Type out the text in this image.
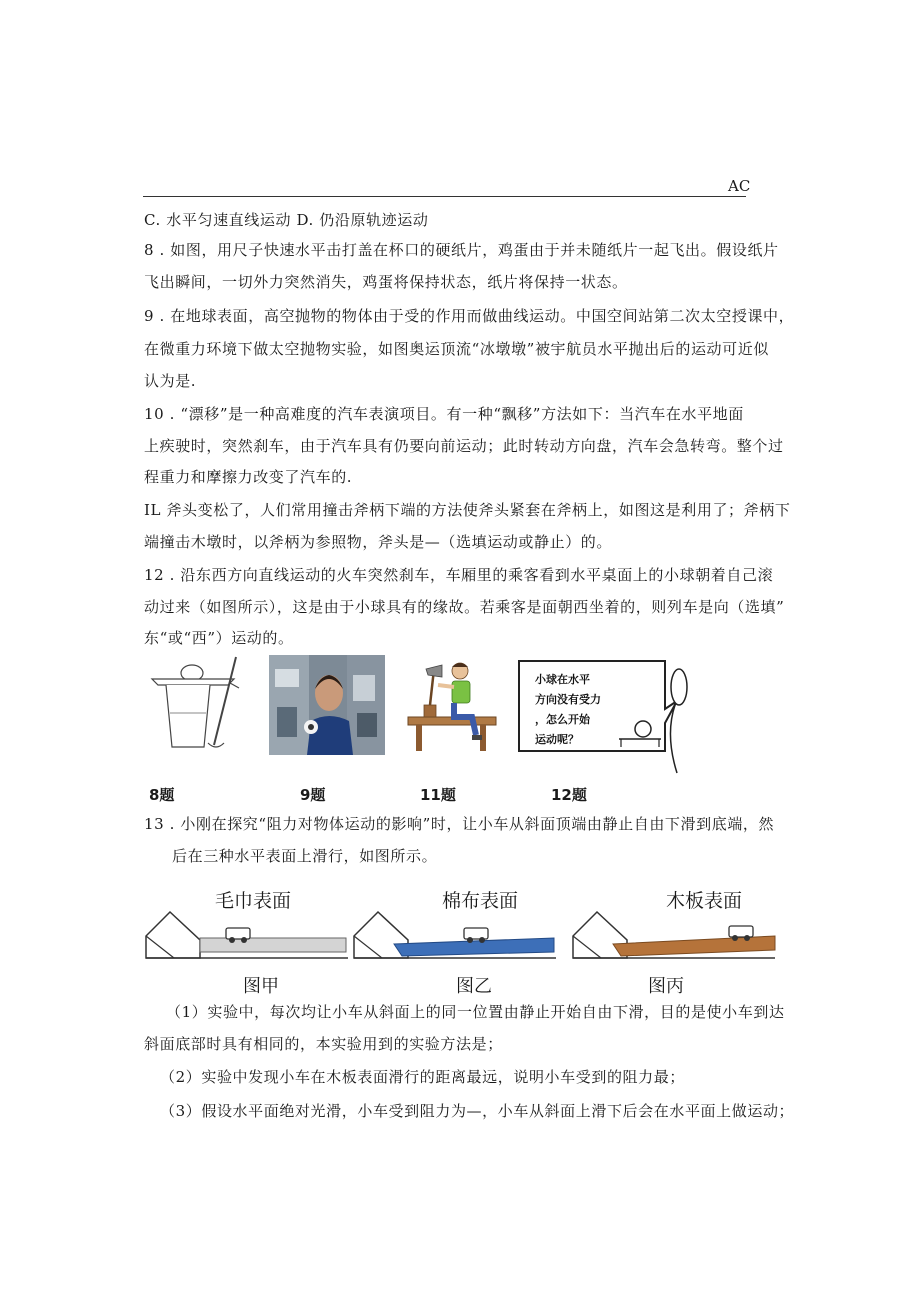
AC
C. 水平匀速直线运动 D. 仍沿原轨迹运动
8 . 如图，用尺子快速水平击打盖在杯口的硬纸片，鸡蛋由于并未随纸片一起飞出。假设纸片
飞出瞬间，一切外力突然消失，鸡蛋将保持状态，纸片将保持一状态。
9 . 在地球表面，高空抛物的物体由于受的作用而做曲线运动。中国空间站第二次太空授课中，
在微重力环境下做太空抛物实验，如图奥运顶流“冰墩墩”被宇航员水平抛出后的运动可近似
认为是.
10 . “漂移”是一种高难度的汽车表演项目。有一种“飘移”方法如下：当汽车在水平地面
上疾驶时，突然刹车，由于汽车具有仍要向前运动；此时转动方向盘，汽车会急转弯。整个过
程重力和摩擦力改变了汽车的.
IL 斧头变松了，人们常用撞击斧柄下端的方法使斧头紧套在斧柄上，如图这是利用了；斧柄下
端撞击木墩时，以斧柄为参照物，斧头是—（选填运动或静止）的。
12 . 沿东西方向直线运动的火车突然刹车，车厢里的乘客看到水平桌面上的小球朝着自己滚
动过来（如图所示），这是由于小球具有的缘故。若乘客是面朝西坐着的，则列车是向（选填”
东“或“西”）运动的。
小球在水平
方向没有受力
，怎么开始
运动呢？
8题	9题	11题	12题
13 . 小刚在探究“阻力对物体运动的影响”时，让小车从斜面顶端由静止自由下滑到底端，然
后在三种水平表面上滑行，如图所示。
毛巾表面	棉布表面	木板表面
图甲	图乙	图丙
（1）实验中，每次均让小车从斜面上的同一位置由静止开始自由下滑，目的是使小车到达
斜面底部时具有相同的，本实验用到的实验方法是；
（2）实验中发现小车在木板表面滑行的距离最远，说明小车受到的阻力最；
（3）假设水平面绝对光滑，小车受到阻力为—，小车从斜面上滑下后会在水平面上做运动；
